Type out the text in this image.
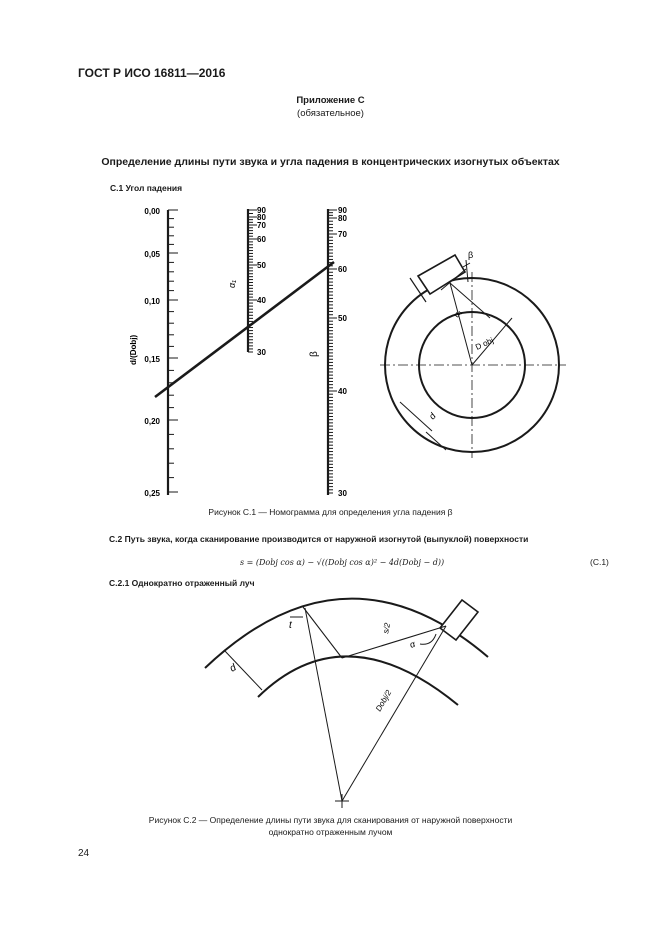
ГОСТ Р ИСО 16811—2016
Приложение С
(обязательное)
Определение длины пути звука и угла падения в концентрических изогнутых объектах
С.1 Угол падения
0,00
0,05
0,10
0,15
0,20
0,25
d/(Dobj)
90
80
70
60
50
40
30
α₁
90
80
70
60
50
40
30
β
β
α₁
D obj
d
Рисунок С.1 — Номограмма для определения угла падения β
С.2 Путь звука, когда сканирование производится от наружной изогнутой (выпуклой) поверхности
s = (Dobj cos α) − √((Dobj cos α)² − 4d(Dobj − d))	(С.1)
С.2.1 Однократно отраженный луч
t
d
s/2
α
Dobj/2
Рисунок С.2 — Определение длины пути звука для сканирования от наружной поверхности
однократно отраженным лучом
24
